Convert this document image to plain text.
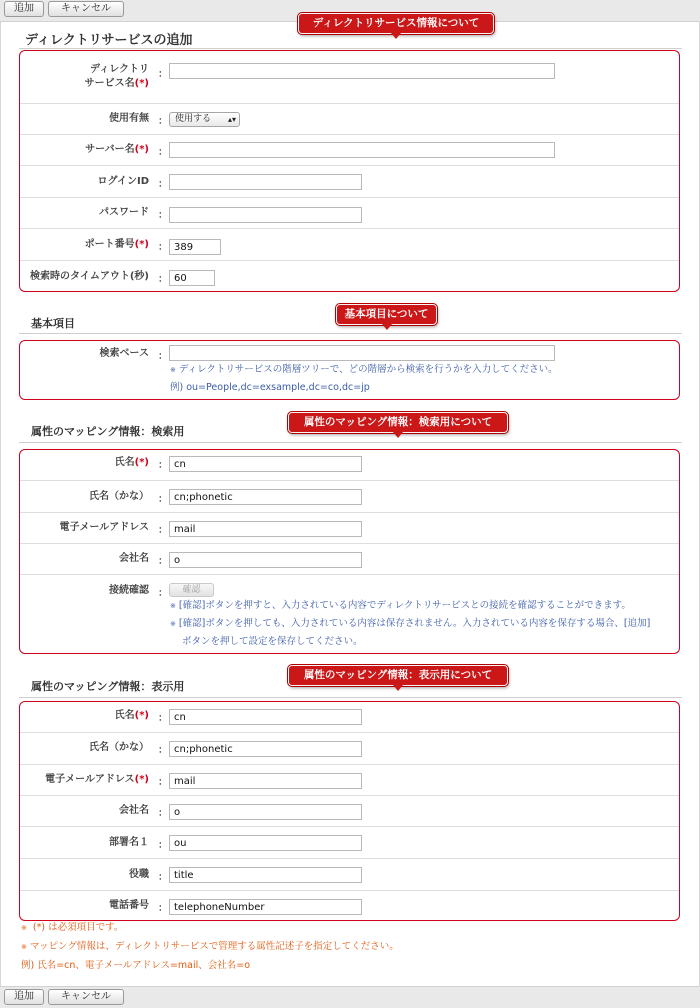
追加	キャンセル
ディレクトリサービスの追加
ディレクトリ
サービス名(*)
：
使用有無 ： 使用する ▴▾
サーバー名(*) ：
ログインID ：
パスワード ：
ポート番号(*) ：
389
検索時のタイムアウト(秒) ：
60
基本項目
検索ベース ：
※ ディレクトリサービスの階層ツリーで、どの階層から検索を行うかを入力してください。
例) ou=People,dc=exsample,dc=co,dc=jp
属性のマッピング情報：検索用
氏名(*) ：
cn
氏名（かな） ：
cn;phonetic
電子メールアドレス ：
mail
会社名 ：
o
接続確認 ：	確認
※ [確認]ボタンを押すと、入力されている内容でディレクトリサービスとの接続を確認することができます。
※ [確認]ボタンを押しても、入力されている内容は保存されません。入力されている内容を保存する場合、[追加]
ボタンを押して設定を保存してください。
属性のマッピング情報：表示用
氏名(*) ：
cn
氏名（かな） ：
cn;phonetic
電子メールアドレス(*) ：
mail
会社名 ：
o
部署名１ ：
ou
役職 ：
title
電話番号 ：
telephoneNumber
※ (*) は必須項目です。
※ マッピング情報は、ディレクトリサービスで管理する属性記述子を指定してください。
例) 氏名=cn、電子メールアドレス=mail、会社名=o
ディレクトリサービス情報について
基本項目について
属性のマッピング情報：検索用について
属性のマッピング情報：表示用について
追加	キャンセル
